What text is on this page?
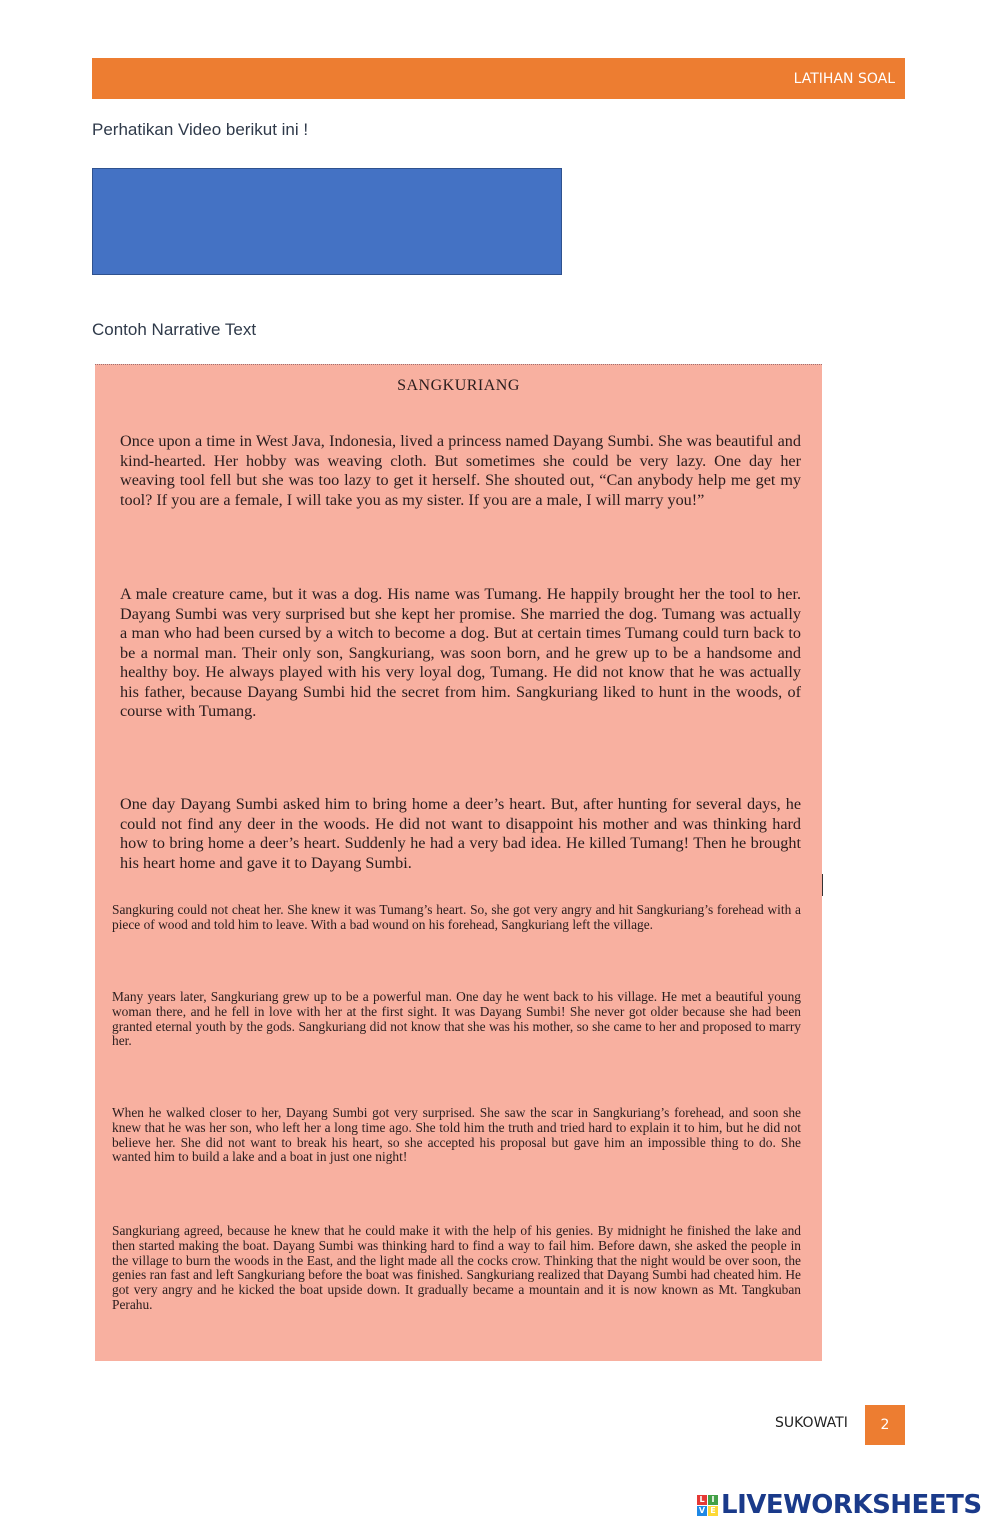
LATIHAN SOAL
Perhatikan Video berikut ini !
Contoh Narrative Text
SANGKURIANG

Once upon a time in West Java, Indonesia, lived a princess named Dayang Sumbi. She was beautiful and kind-hearted. Her hobby was weaving cloth. But sometimes she could be very lazy. One day her weaving tool fell but she was too lazy to get it herself. She shouted out, “Can anybody help me get my tool? If you are a female, I will take you as my sister. If you are a male, I will marry you!”

A male creature came, but it was a dog. His name was Tumang. He happily brought her the tool to her. Dayang Sumbi was very surprised but she kept her promise. She married the dog. Tumang was actually a man who had been cursed by a witch to become a dog. But at certain times Tumang could turn back to be a normal man. Their only son, Sangkuriang, was soon born, and he grew up to be a handsome and healthy boy. He always played with his very loyal dog, Tumang. He did not know that he was actually his father, because Dayang Sumbi hid the secret from him. Sangkuriang liked to hunt in the woods, of course with Tumang.

One day Dayang Sumbi asked him to bring home a deer’s heart. But, after hunting for several days, he could not find any deer in the woods. He did not want to disappoint his mother and was thinking hard how to bring home a deer’s heart. Suddenly he had a very bad idea. He killed Tumang! Then he brought his heart home and gave it to Dayang Sumbi.

Sangkuring could not cheat her. She knew it was Tumang’s heart. So, she got very angry and hit Sangkuriang’s forehead with a piece of wood and told him to leave. With a bad wound on his forehead, Sangkuriang left the village.

Many years later, Sangkuriang grew up to be a powerful man. One day he went back to his village. He met a beautiful young woman there, and he fell in love with her at the first sight. It was Dayang Sumbi! She never got older because she had been granted eternal youth by the gods. Sangkuriang did not know that she was his mother, so she came to her and proposed to marry her.

When he walked closer to her, Dayang Sumbi got very surprised. She saw the scar in Sangkuriang’s forehead, and soon she knew that he was her son, who left her a long time ago. She told him the truth and tried hard to explain it to him, but he did not believe her. She did not want to break his heart, so she accepted his proposal but gave him an impossible thing to do. She wanted him to build a lake and a boat in just one night!

Sangkuriang agreed, because he knew that he could make it with the help of his genies. By midnight he finished the lake and then started making the boat. Dayang Sumbi was thinking hard to find a way to fail him. Before dawn, she asked the people in the village to burn the woods in the East, and the light made all the cocks crow. Thinking that the night would be over soon, the genies ran fast and left Sangkuriang before the boat was finished. Sangkuriang realized that Dayang Sumbi had cheated him. He got very angry and he kicked the boat upside down. It gradually became a mountain and it is now known as Mt. Tangkuban Perahu.

SUKOWATI 2
L I
V E LIVEWORKSHEETS
